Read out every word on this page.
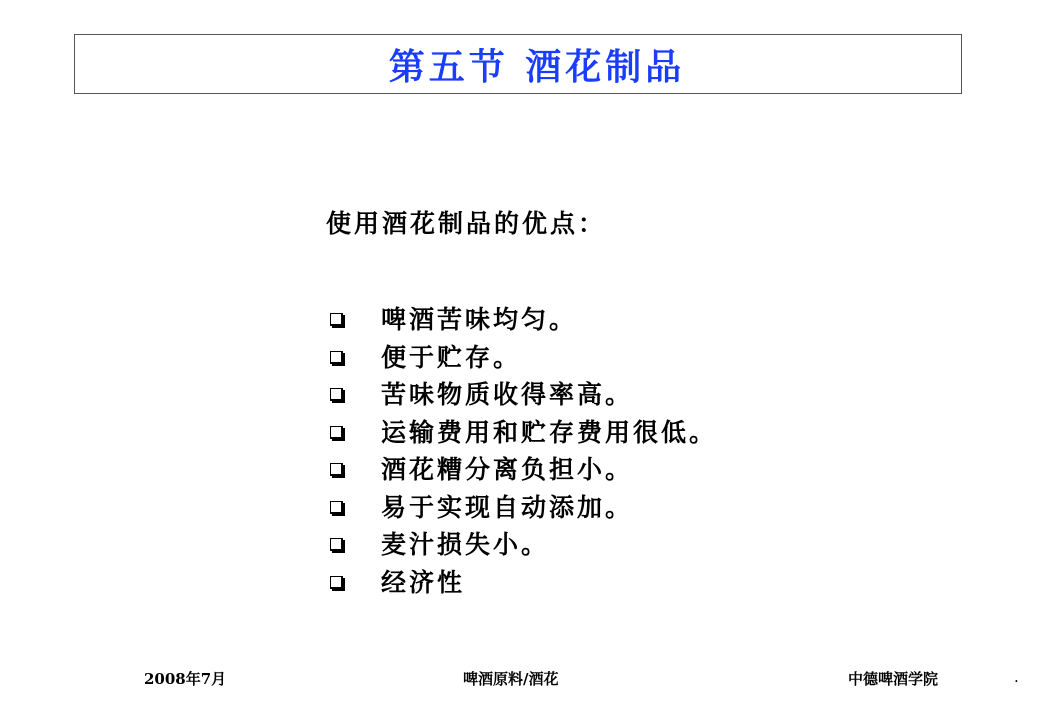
第五节 酒花制品
使用酒花制品的优点：
啤酒苦味均匀。
便于贮存。
苦味物质收得率高。
运输费用和贮存费用很低。
酒花糟分离负担小。
易于实现自动添加。
麦汁损失小。
经济性
2008年7月	啤酒原料/酒花	中德啤酒学院	.
